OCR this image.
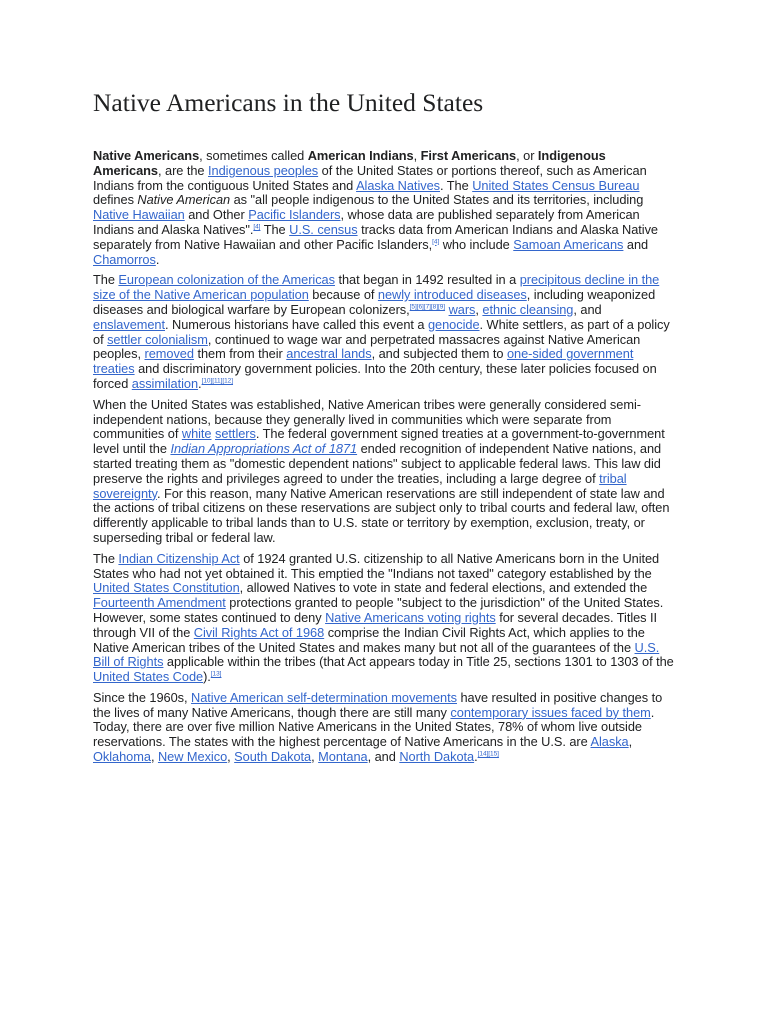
Native Americans in the United States

Native Americans, sometimes called American Indians, First Americans, or Indigenous Americans, are the Indigenous peoples of the United States or portions thereof, such as American Indians from the contiguous United States and Alaska Natives. The United States Census Bureau defines Native American as "all people indigenous to the United States and its territories, including Native Hawaiian and Other Pacific Islanders, whose data are published separately from American Indians and Alaska Natives".[4] The U.S. census tracks data from American Indians and Alaska Native separately from Native Hawaiian and other Pacific Islanders,[4] who include Samoan Americans and Chamorros.

The European colonization of the Americas that began in 1492 resulted in a precipitous decline in the size of the Native American population because of newly introduced diseases, including weaponized diseases and biological warfare by European colonizers,[5][6][7][8][9] wars, ethnic cleansing, and enslavement. Numerous historians have called this event a genocide. White settlers, as part of a policy of settler colonialism, continued to wage war and perpetrated massacres against Native American peoples, removed them from their ancestral lands, and subjected them to one-sided government treaties and discriminatory government policies. Into the 20th century, these later policies focused on forced assimilation.[10][11][12]

When the United States was established, Native American tribes were generally considered semi-independent nations, because they generally lived in communities which were separate from communities of white settlers. The federal government signed treaties at a government-to-government level until the Indian Appropriations Act of 1871 ended recognition of independent Native nations, and started treating them as "domestic dependent nations" subject to applicable federal laws. This law did preserve the rights and privileges agreed to under the treaties, including a large degree of tribal sovereignty. For this reason, many Native American reservations are still independent of state law and the actions of tribal citizens on these reservations are subject only to tribal courts and federal law, often differently applicable to tribal lands than to U.S. state or territory by exemption, exclusion, treaty, or superseding tribal or federal law.

The Indian Citizenship Act of 1924 granted U.S. citizenship to all Native Americans born in the United States who had not yet obtained it. This emptied the "Indians not taxed" category established by the United States Constitution, allowed Natives to vote in state and federal elections, and extended the Fourteenth Amendment protections granted to people "subject to the jurisdiction" of the United States. However, some states continued to deny Native Americans voting rights for several decades. Titles II through VII of the Civil Rights Act of 1968 comprise the Indian Civil Rights Act, which applies to the Native American tribes of the United States and makes many but not all of the guarantees of the U.S. Bill of Rights applicable within the tribes (that Act appears today in Title 25, sections 1301 to 1303 of the United States Code).[13]

Since the 1960s, Native American self-determination movements have resulted in positive changes to the lives of many Native Americans, though there are still many contemporary issues faced by them. Today, there are over five million Native Americans in the United States, 78% of whom live outside reservations. The states with the highest percentage of Native Americans in the U.S. are Alaska, Oklahoma, New Mexico, South Dakota, Montana, and North Dakota.[14][15]
